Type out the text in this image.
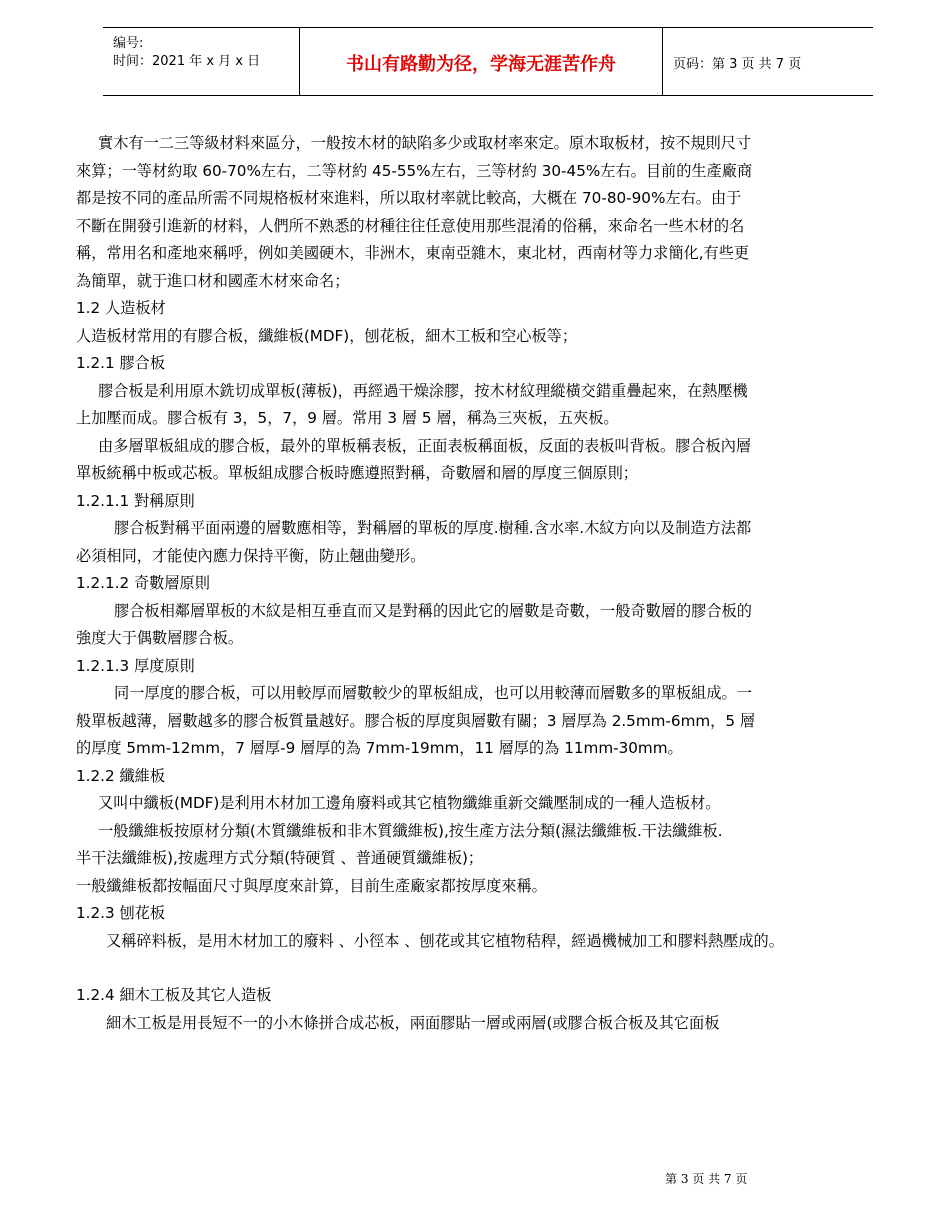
编号:
时间：2021 年 x 月 x 日	书山有路勤为径，学海无涯苦作舟	页码：第 3 页 共 7 页

實木有一二三等級材料來區分，一般按木材的缺陷多少或取材率來定。原木取板材，按不規則尺寸

來算；一等材約取 60-70%左右，二等材約 45-55%左右，三等材約 30-45%左右。目前的生產廠商

都是按不同的產品所需不同規格板材來進料，所以取材率就比較高，大概在 70-80-90%左右。由于

不斷在開發引進新的材料，人們所不熟悉的材種往往任意使用那些混淆的俗稱，來命名一些木材的名

稱，常用名和產地來稱呼，例如美國硬木，非洲木，東南亞雜木，東北材，西南材等力求簡化,有些更

為簡單，就于進口材和國產木材來命名；

1.2 人造板材

人造板材常用的有膠合板，纖維板(MDF)，刨花板，細木工板和空心板等；

1.2.1 膠合板

膠合板是利用原木銑切成單板(薄板)，再經過干燥涂膠，按木材紋理縱橫交錯重疊起來，在熱壓機

上加壓而成。膠合板有 3，5，7，9 層。常用 3 層 5 層，稱為三夾板，五夾板。

由多層單板組成的膠合板，最外的單板稱表板，正面表板稱面板，反面的表板叫背板。膠合板內層

單板統稱中板或芯板。單板組成膠合板時應遵照對稱，奇數層和層的厚度三個原則；

1.2.1.1 對稱原則

膠合板對稱平面兩邊的層數應相等，對稱層的單板的厚度.樹種.含水率.木紋方向以及制造方法都

必須相同，才能使內應力保持平衡，防止翹曲變形。

1.2.1.2 奇數層原則

膠合板相鄰層單板的木紋是相互垂直而又是對稱的因此它的層數是奇數，一般奇數層的膠合板的

強度大于偶數層膠合板。

1.2.1.3 厚度原則

同一厚度的膠合板，可以用較厚而層數較少的單板組成，也可以用較薄而層數多的單板組成。一

般單板越薄，層數越多的膠合板質量越好。膠合板的厚度與層數有關；3 層厚為 2.5mm-6mm，5 層

的厚度 5mm-12mm，7 層厚-9 層厚的為 7mm-19mm，11 層厚的為 11mm-30mm。

1.2.2 纖維板

又叫中纖板(MDF)是利用木材加工邊角廢料或其它植物纖維重新交織壓制成的一種人造板材。

一般纖維板按原材分類(木質纖維板和非木質纖維板),按生產方法分類(濕法纖維板.干法纖維板.

半干法纖維板),按處理方式分類(特硬質 、普通硬質纖維板)；

一般纖維板都按幅面尺寸與厚度來計算，目前生產廠家都按厚度來稱。

1.2.3 刨花板

又稱碎料板，是用木材加工的廢料 、小徑本 、刨花或其它植物秸稈，經過機械加工和膠料熱壓成的。

1.2.4 細木工板及其它人造板

細木工板是用長短不一的小木條拼合成芯板，兩面膠貼一層或兩層(或膠合板合板及其它面板

第 3 页 共 7 页
